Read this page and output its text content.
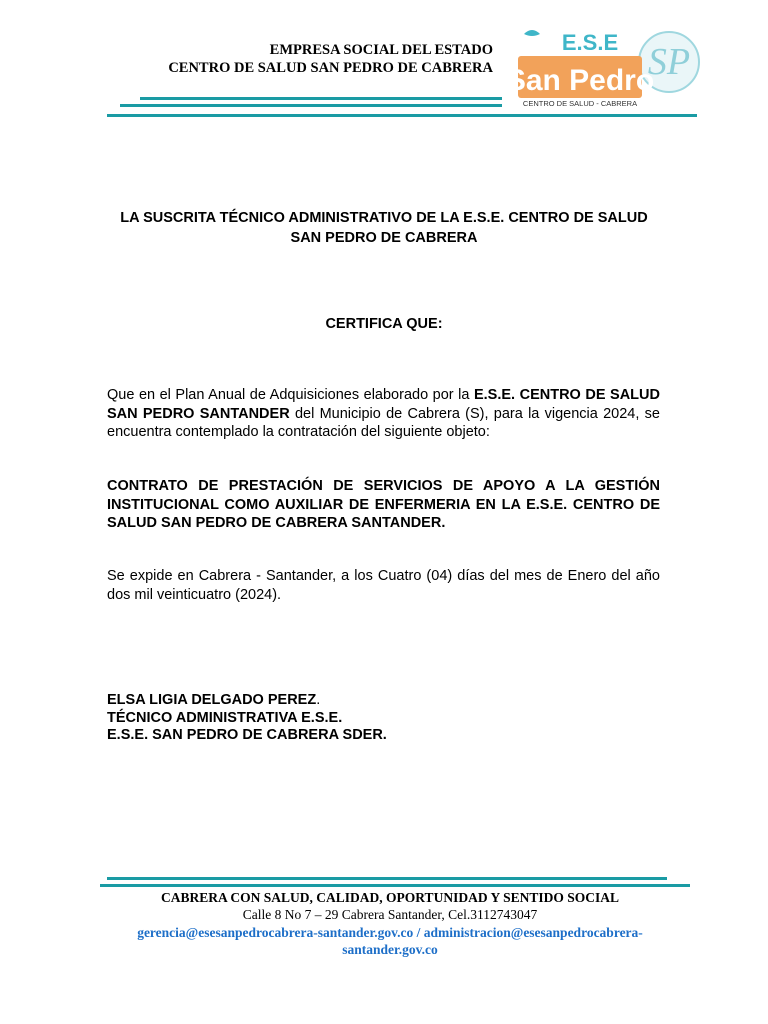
EMPRESA SOCIAL DEL ESTADO
CENTRO DE SALUD SAN PEDRO DE CABRERA	SP
E.S.E
San Pedro
CENTRO DE SALUD - CABRERA
LA SUSCRITA TÉCNICO ADMINISTRATIVO DE LA E.S.E. CENTRO DE SALUD
SAN PEDRO DE CABRERA
CERTIFICA QUE:
Que en el Plan Anual de Adquisiciones elaborado por la E.S.E. CENTRO DE SALUD SAN PEDRO SANTANDER del Municipio de Cabrera (S), para la vigencia 2024, se encuentra contemplado la contratación del siguiente objeto:
CONTRATO DE PRESTACIÓN DE SERVICIOS DE APOYO A LA GESTIÓN INSTITUCIONAL COMO AUXILIAR DE ENFERMERIA EN LA E.S.E. CENTRO DE SALUD SAN PEDRO DE CABRERA SANTANDER.
Se expide en Cabrera - Santander, a los Cuatro (04) días del mes de Enero del año dos mil veinticuatro (2024).
ELSA LIGIA DELGADO PEREZ.
TÉCNICO ADMINISTRATIVA E.S.E.
E.S.E. SAN PEDRO DE CABRERA SDER.
CABRERA CON SALUD, CALIDAD, OPORTUNIDAD Y SENTIDO SOCIAL
Calle 8 No 7 – 29 Cabrera Santander, Cel.3112743047
gerencia@esesanpedrocabrera-santander.gov.co / administracion@esesanpedrocabrera-santander.gov.co
